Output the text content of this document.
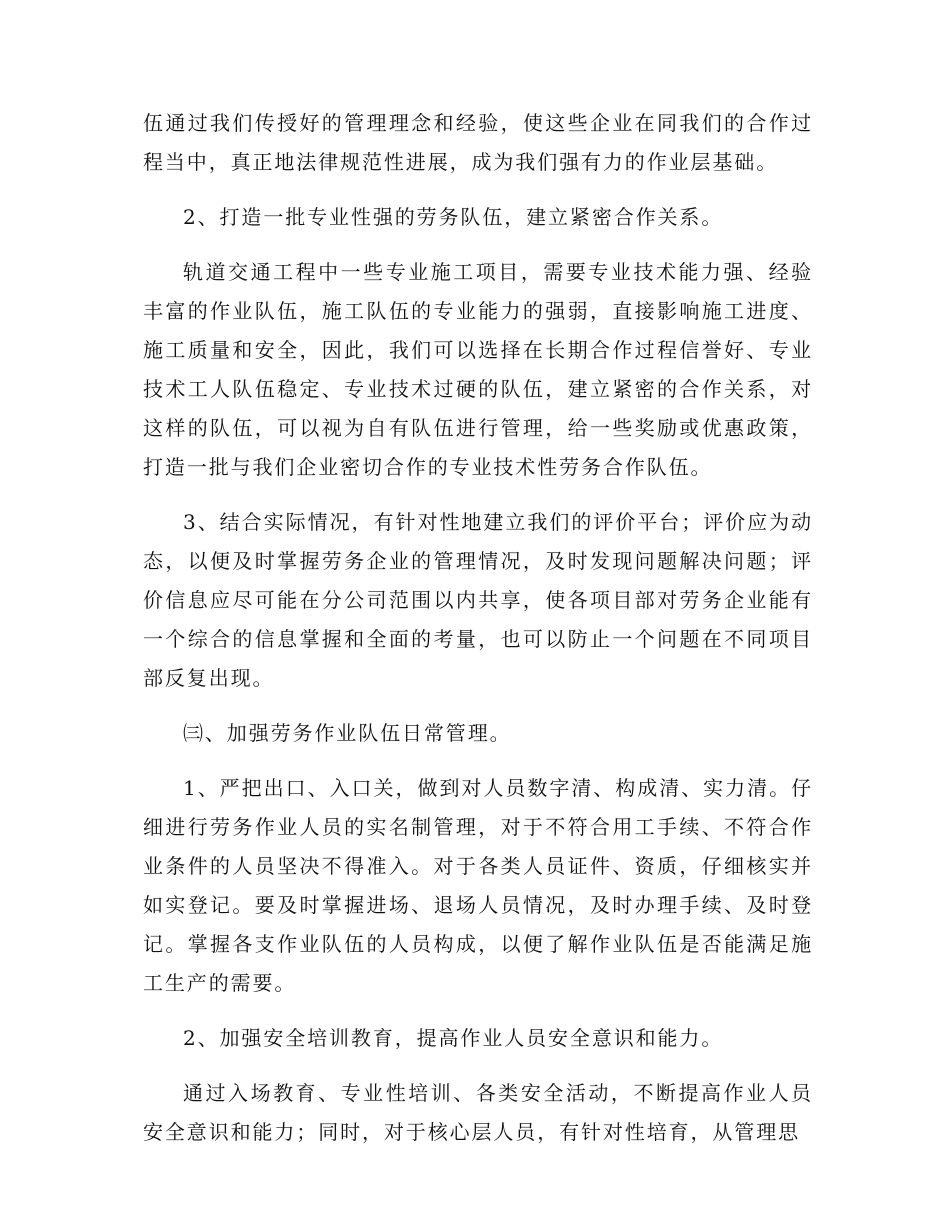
伍通过我们传授好的管理理念和经验，使这些企业在同我们的合作过程当中，真正地法律规范性进展，成为我们强有力的作业层基础。

2、打造一批专业性强的劳务队伍，建立紧密合作关系。

轨道交通工程中一些专业施工项目，需要专业技术能力强、经验丰富的作业队伍，施工队伍的专业能力的强弱，直接影响施工进度、施工质量和安全，因此，我们可以选择在长期合作过程信誉好、专业技术工人队伍稳定、专业技术过硬的队伍，建立紧密的合作关系，对这样的队伍，可以视为自有队伍进行管理，给一些奖励或优惠政策，打造一批与我们企业密切合作的专业技术性劳务合作队伍。

3、结合实际情况，有针对性地建立我们的评价平台；评价应为动态，以便及时掌握劳务企业的管理情况，及时发现问题解决问题；评价信息应尽可能在分公司范围以内共享，使各项目部对劳务企业能有一个综合的信息掌握和全面的考量，也可以防止一个问题在不同项目部反复出现。

㈢、加强劳务作业队伍日常管理。

1、严把出口、入口关，做到对人员数字清、构成清、实力清。仔细进行劳务作业人员的实名制管理，对于不符合用工手续、不符合作业条件的人员坚决不得准入。对于各类人员证件、资质，仔细核实并如实登记。要及时掌握进场、退场人员情况，及时办理手续、及时登记。掌握各支作业队伍的人员构成，以便了解作业队伍是否能满足施工生产的需要。

2、加强安全培训教育，提高作业人员安全意识和能力。

通过入场教育、专业性培训、各类安全活动，不断提高作业人员安全意识和能力；同时，对于核心层人员，有针对性培育，从管理思
